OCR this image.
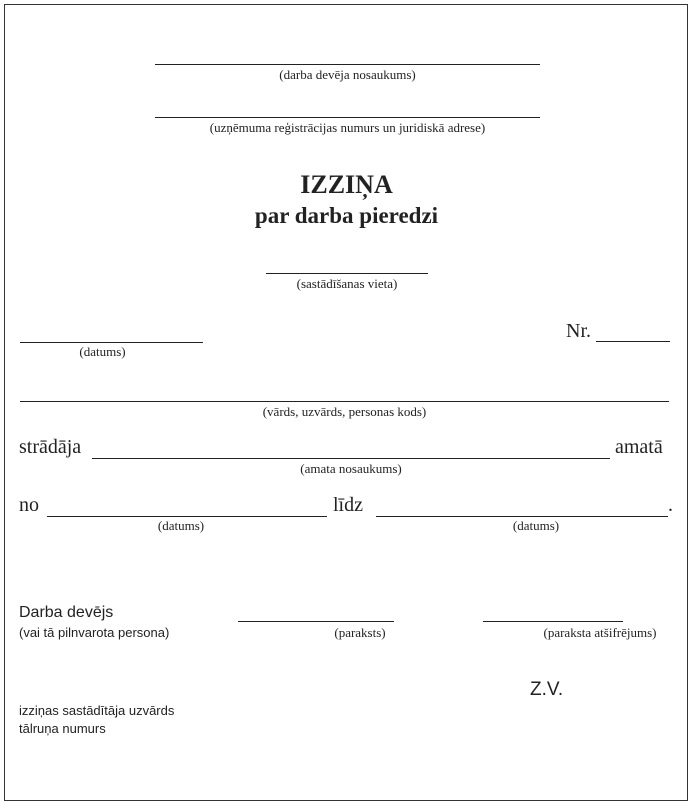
(darba devēja nosaukums)
(uzņēmuma reģistrācijas numurs un juridiskā adrese)
IZZIŅA
par darba pieredzi
(sastādīšanas vieta)
(datums)
Nr.
(vārds, uzvārds, personas kods)
strādāja	amatā
(amata nosaukums)
no	līdz	.
(datums)	(datums)
Darba devējs
(vai tā pilnvarota persona)	(paraksts)	(paraksta atšifrējums)
Z.V.
izziņas sastādītāja uzvārds
tālruņa numurs
